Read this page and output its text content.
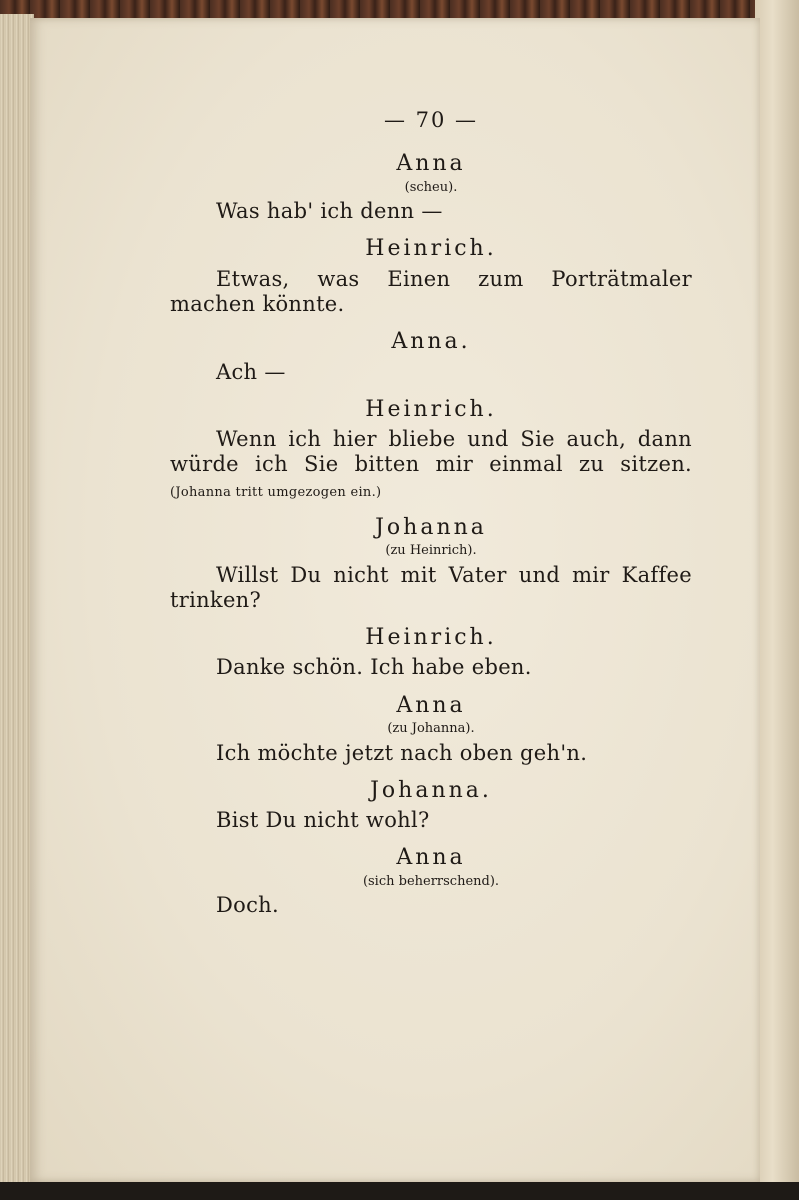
— 70 —
Anna
(scheu).

Was hab' ich denn —

Heinrich.

Etwas, was Einen zum Porträtmaler machen könnte.

Anna.

Ach —

Heinrich.

Wenn ich hier bliebe und Sie auch, dann würde ich Sie bitten mir einmal zu sitzen. (Johanna tritt umgezogen ein.)

Johanna
(zu Heinrich).

Willst Du nicht mit Vater und mir Kaffee trinken?

Heinrich.

Danke schön. Ich habe eben.

Anna
(zu Johanna).

Ich möchte jetzt nach oben geh'n.

Johanna.

Bist Du nicht wohl?

Anna
(sich beherrschend).

Doch.
